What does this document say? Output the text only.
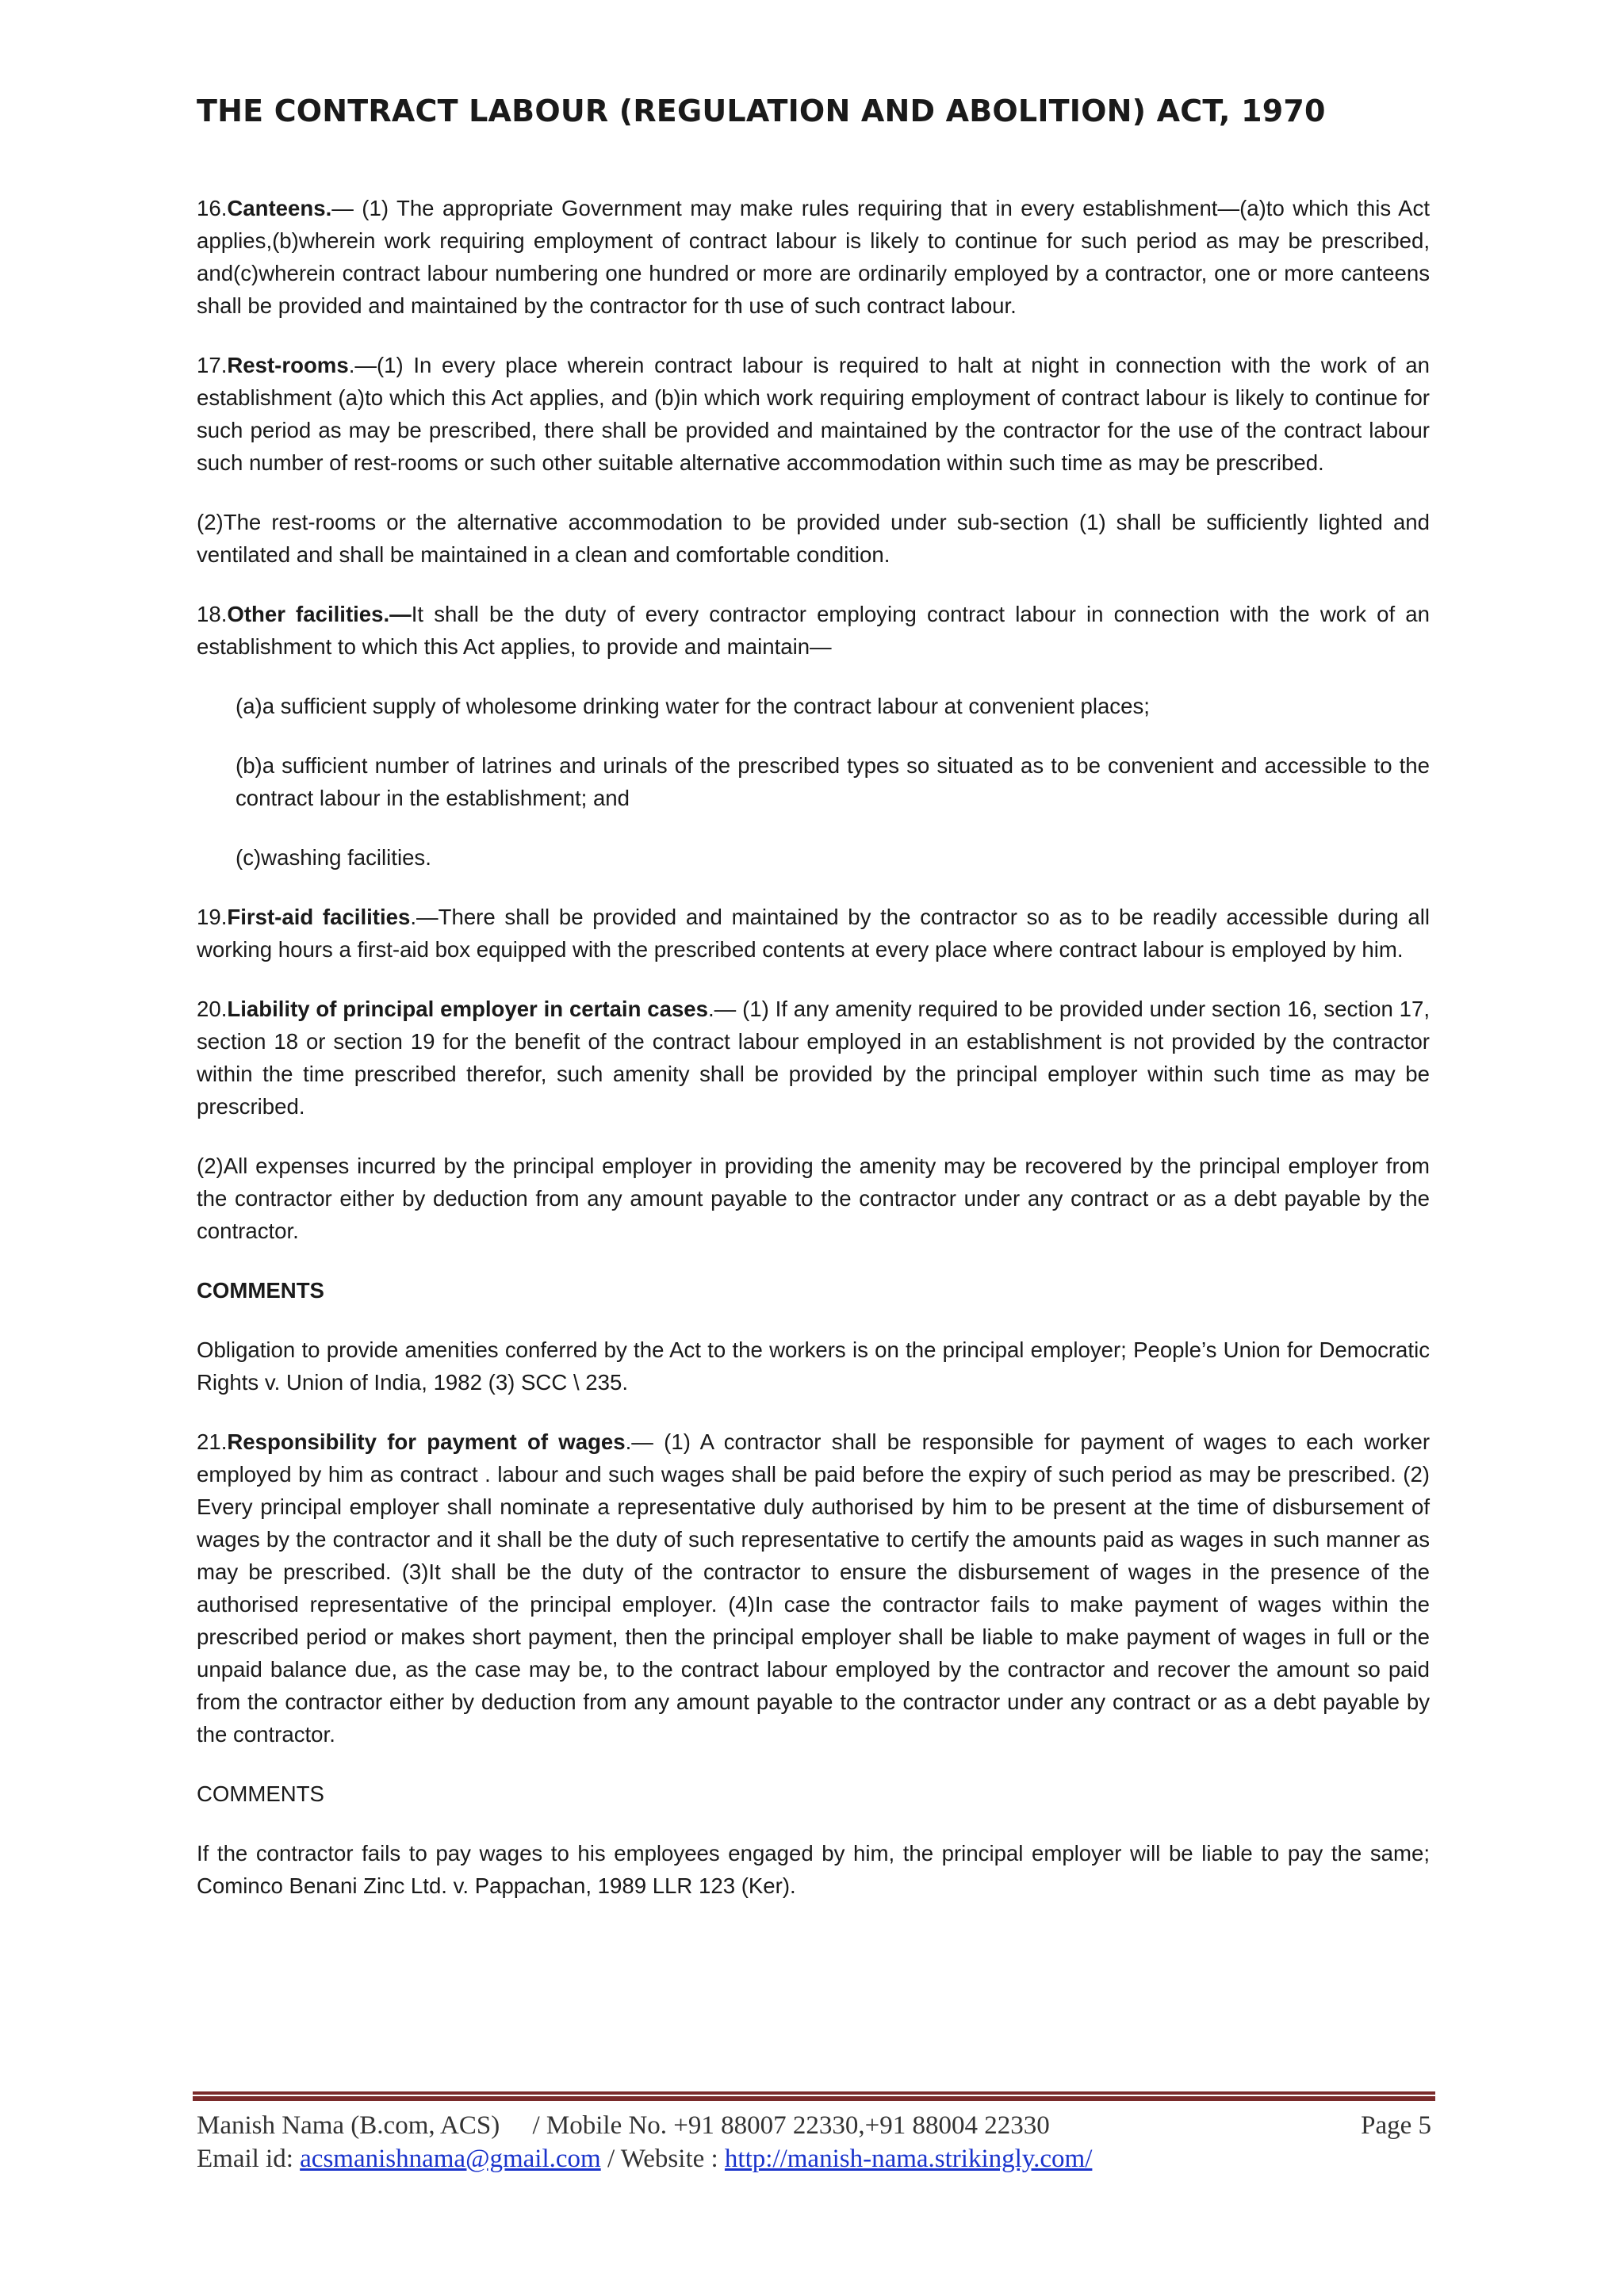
THE CONTRACT LABOUR (REGULATION AND ABOLITION) ACT, 1970

16.Canteens.— (1) The appropriate Government may make rules requiring that in every establishment—(a)to which this Act applies,(b)wherein work requiring employment of contract labour is likely to continue for such period as may be prescribed, and(c)wherein contract labour numbering one hundred or more are ordinarily employed by a contractor, one or more canteens shall be provided and maintained by the contractor for th use of such contract labour.

17.Rest-rooms.—(1) In every place wherein contract labour is required to halt at night in connection with the work of an establishment (a)to which this Act applies, and (b)in which work requiring employment of contract labour is likely to continue for such period as may be prescribed, there shall be provided and maintained by the contractor for the use of the contract labour such number of rest-rooms or such other suitable alternative accommodation within such time as may be prescribed.

(2)The rest-rooms or the alternative accommodation to be provided under sub-section (1) shall be sufficiently lighted and ventilated and shall be maintained in a clean and comfortable condition.

18.Other facilities.—It shall be the duty of every contractor employing contract labour in connection with the work of an establishment to which this Act applies, to provide and maintain—

(a)a sufficient supply of wholesome drinking water for the contract labour at convenient places;

(b)a sufficient number of latrines and urinals of the prescribed types so situated as to be convenient and accessible to the contract labour in the establishment; and

(c)washing facilities.

19.First-aid facilities.—There shall be provided and maintained by the contractor so as to be readily accessible during all working hours a first-aid box equipped with the prescribed contents at every place where contract labour is employed by him.

20.Liability of principal employer in certain cases.— (1) If any amenity required to be provided under section 16, section 17, section 18 or section 19 for the benefit of the contract labour employed in an establishment is not provided by the contractor within the time prescribed therefor, such amenity shall be provided by the principal employer within such time as may be prescribed.

(2)All expenses incurred by the principal employer in providing the amenity may be recovered by the principal employer from the contractor either by deduction from any amount payable to the contractor under any contract or as a debt payable by the contractor.

COMMENTS

Obligation to provide amenities conferred by the Act to the workers is on the principal employer; People’s Union for Democratic Rights v. Union of India, 1982 (3) SCC \ 235.

21.Responsibility for payment of wages.— (1) A contractor shall be responsible for payment of wages to each worker employed by him as contract . labour and such wages shall be paid before the expiry of such period as may be prescribed. (2) Every principal employer shall nominate a representative duly authorised by him to be present at the time of disbursement of wages by the contractor and it shall be the duty of such representative to certify the amounts paid as wages in such manner as may be prescribed. (3)It shall be the duty of the contractor to ensure the disbursement of wages in the presence of the authorised representative of the principal employer. (4)In case the contractor fails to make payment of wages within the prescribed period or makes short payment, then the principal employer shall be liable to make payment of wages in full or the unpaid balance due, as the case may be, to the contract labour employed by the contractor and recover the amount so paid from the contractor either by deduction from any amount payable to the contractor under any contract or as a debt payable by the contractor.

COMMENTS

If the contractor fails to pay wages to his employees engaged by him, the principal employer will be liable to pay the same; Cominco Benani Zinc Ltd. v. Pappachan, 1989 LLR 123 (Ker).

Manish Nama (B.com, ACS)     / Mobile No. +91 88007 22330,+91 88004 22330	Page 5
Email id: acsmanishnama@gmail.com / Website : http://manish-nama.strikingly.com/
